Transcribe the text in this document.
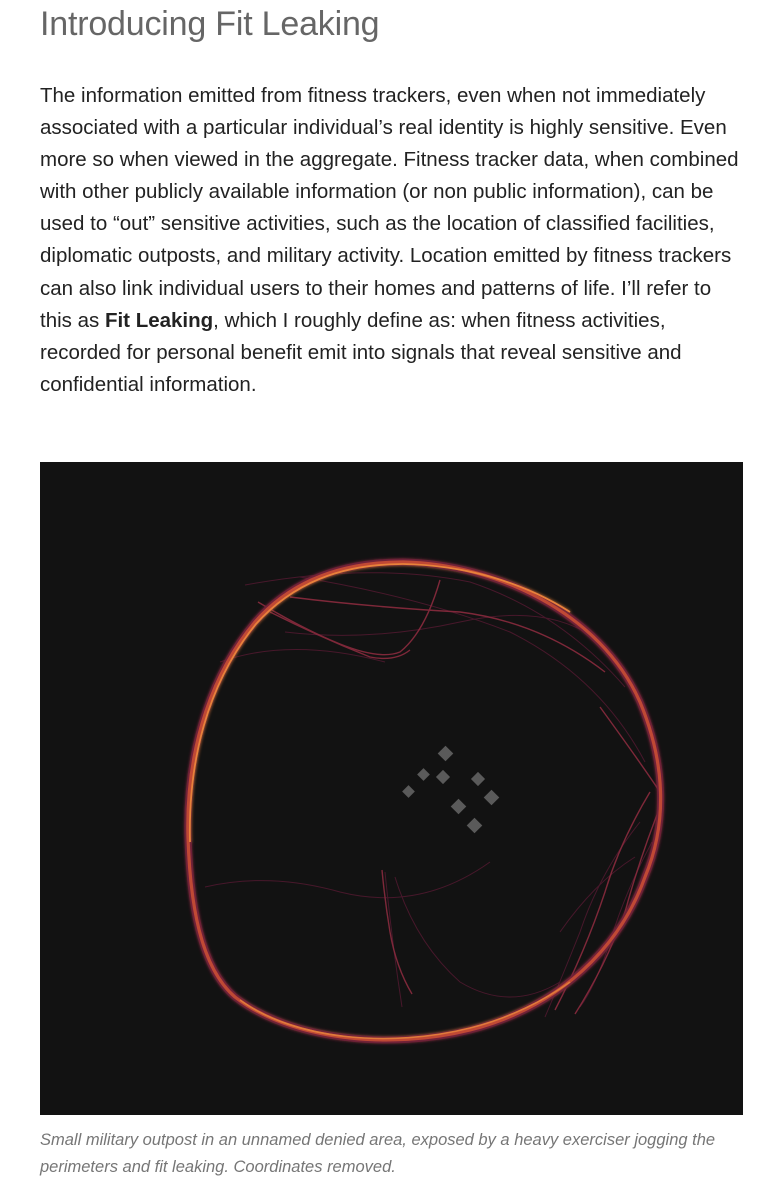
Introducing Fit Leaking

The information emitted from fitness trackers, even when not immediately associated with a particular individual’s real identity is highly sensitive. Even more so when viewed in the aggregate. Fitness tracker data, when combined with other publicly available information (or non public information), can be used to “out” sensitive activities, such as the location of classified facilities, diplomatic outposts, and military activity. Location emitted by fitness trackers can also link individual users to their homes and patterns of life. I’ll refer to this as Fit Leaking, which I roughly define as: when fitness activities, recorded for personal benefit emit into signals that reveal sensitive and confidential information.

Small military outpost in an unnamed denied area, exposed by a heavy exerciser jogging the perimeters and fit leaking. Coordinates removed.
